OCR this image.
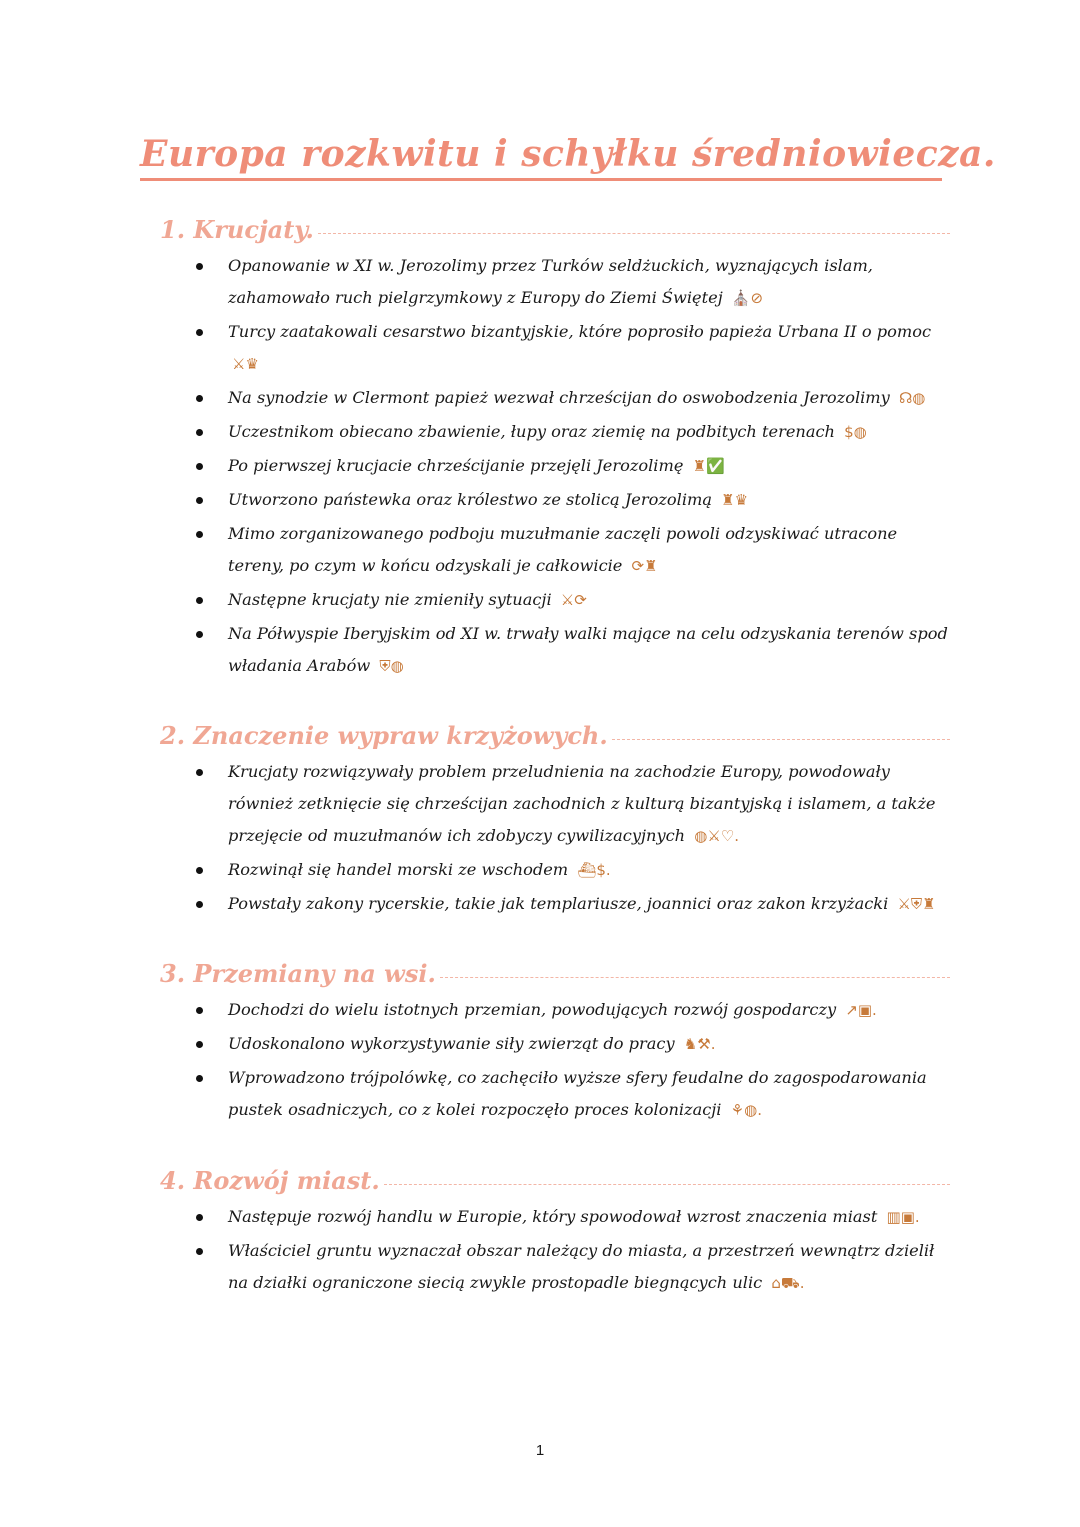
Europa rozkwitu i schyłku średniowiecza.
1. Krucjaty.
Opanowanie w XI w. Jerozolimy przez Turków seldżuckich, wyznających islam, zahamowało ruch pielgrzymkowy z Europy do Ziemi Świętej ⛪⊘
Turcy zaatakowali cesarstwo bizantyjskie, które poprosiło papieża Urbana II o pomoc ⚔♛
Na synodzie w Clermont papież wezwał chrześcijan do oswobodzenia Jerozolimy ☊◍
Uczestnikom obiecano zbawienie, łupy oraz ziemię na podbitych terenach $◍
Po pierwszej krucjacie chrześcijanie przejęli Jerozolimę ♜✅
Utworzono państewka oraz królestwo ze stolicą Jerozolimą ♜♛
Mimo zorganizowanego podboju muzułmanie zaczęli powoli odzyskiwać utracone tereny, po czym w końcu odzyskali je całkowicie ⟳♜
Następne krucjaty nie zmieniły sytuacji ⚔⟳
Na Półwyspie Iberyjskim od XI w. trwały walki mające na celu odzyskania terenów spod władania Arabów ⛨◍
2. Znaczenie wypraw krzyżowych.
Krucjaty rozwiązywały problem przeludnienia na zachodzie Europy, powodowały również zetknięcie się chrześcijan zachodnich z kulturą bizantyjską i islamem, a także przejęcie od muzułmanów ich zdobyczy cywilizacyjnych ◍⚔♡.
Rozwinął się handel morski ze wschodem ⛴$.
Powstały zakony rycerskie, takie jak templariusze, joannici oraz zakon krzyżacki ⚔⛨♜
3. Przemiany na wsi.
Dochodzi do wielu istotnych przemian, powodujących rozwój gospodarczy ↗▣.
Udoskonalono wykorzystywanie siły zwierząt do pracy ♞⚒.
Wprowadzono trójpolówkę, co zachęciło wyższe sfery feudalne do zagospodarowania pustek osadniczych, co z kolei rozpoczęło proces kolonizacji ⚘◍.
4. Rozwój miast.
Następuje rozwój handlu w Europie, który spowodował wzrost znaczenia miast ▥▣.
Właściciel gruntu wyznaczał obszar należący do miasta, a przestrzeń wewnątrz dzielił na działki ograniczone siecią zwykle prostopadle biegnących ulic ⌂⛟.
1
